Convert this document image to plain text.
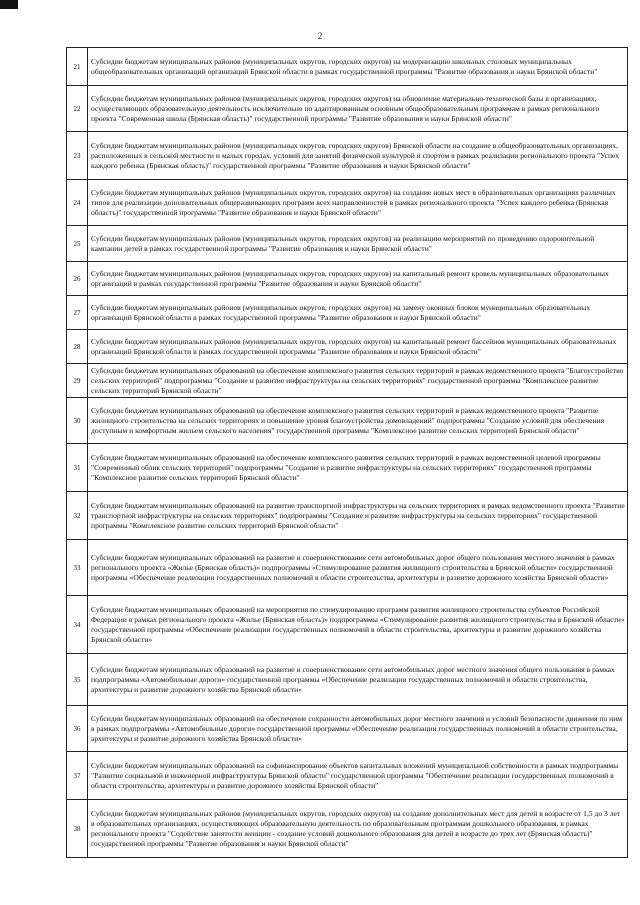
2
21	Субсидии бюджетам муниципальных районов (муниципальных округов, городских округов) на модернизацию школьных столовых муниципальных общеобразовательных организаций организаций Брянской области в рамках государственной программы "Развитие образования и науки Брянской области"

22	Субсидии бюджетам муниципальных районов (муниципальных округов, городских округов) на обновление материально-технической базы в организациях, осуществляющих образовательную деятельность исключительно по адаптированным основным общеобразовательным программам в рамках регионального проекта "Современная школа (Брянская область)" государственной программы "Развитие образования и науки Брянской области"

23	Субсидии бюджетам муниципальных районов (муниципальных округов, городских округов) Брянской области на создание в общеобразовательных организациях, расположенных в сельской местности и малых городах, условий для занятий физической культурой и спортом в рамках реализации регионального проекта "Успех каждого ребенка (Брянская область)" государственной программы "Развитие образования и науки Брянской области"

24	Субсидии бюджетам муниципальных районов (муниципальных округов, городских округов) на создание новых мест в образовательных организациях различных типов для реализации дополнительных общеразвивающих программ всех направленностей в рамках регионального проекта "Успех каждого ребенка (Брянская область)" государственной программы "Развитие образования и науки Брянской области"

25	Субсидии бюджетам муниципальных районов (муниципальных округов, городских округов) на реализацию мероприятий по проведению оздоровительной кампании детей в рамках государственной программы "Развитие образования и науки Брянской области"

26	Субсидии бюджетам муниципальных районов (муниципальных округов, городских округов) на капитальный ремонт кровель муниципальных образовательных организаций в рамках государственной программы "Развитие образования и науки Брянской области"

27	Субсидии бюджетам муниципальных районов (муниципальных округов, городских округов) на замену оконных блоков муниципальных образовательных организаций Брянской области в рамках государственной программы "Развитие образования и науки Брянской области"

28	Субсидии бюджетам муниципальных районов (муниципальных округов, городских округов) на капитальный ремонт бассейнов муниципальных образовательных организаций Брянской области в рамках государственной программы "Развитие образования и науки Брянской области"

29	Субсидии бюджетам муниципальных образований на обеспечение комплексного развития сельских территорий в рамках ведомственного проекта "Благоустройство сельских территорий" подпрограммы "Создание и развитие инфраструктуры на сельских территориях" государственной программы "Комплексное развитие сельских территорий Брянской области"

30	Субсидии бюджетам муниципальных образований на обеспечение комплексного развития сельских территорий в рамках ведомственного проекта "Развитие жилищного строительства на сельских территориях и повышение уровня благоустройства домовладений" подпрограммы "Создание условий для обеспечения доступным и комфортным жильем сельского населения" государственной программы "Комплексное развитие сельских территорий Брянской области"

31	Субсидии бюджетам муниципальных образований на обеспечение комплексного развития сельских территорий в рамках ведомственной целевой программы "Современный облик сельских территорий" подпрограммы "Создание и развитие инфраструктуры на сельских территориях" государственной программы "Комплексное развитие сельских территорий Брянской области"

32	Субсидии бюджетам муниципальных образований на развитие транспортной инфраструктуры на сельских территориях в рамках ведомственного проекта "Развитие транспортной инфраструктуры на сельских территориях" подпрограммы "Создание и развитие инфраструктуры на сельских территориях" государственной программы "Комплексное развитие сельских территорий Брянской области"

33	Субсидии бюджетам муниципальных образований на развитие и совершенствование сети автомобильных дорог общего пользования местного значения в рамках регионального проекта «Жилье (Брянская область)» подпрограммы «Стимулирование развития жилищного строительства в Брянской области» государственной программы «Обеспечение реализации государственных полномочий в области строительства, архитектуры и развитие дорожного хозяйства Брянской области»

34	Субсидии бюджетам муниципальных образований на мероприятия по стимулированию программ развития жилищного строительства субъектов Российской Федерации в рамках регионального проекта «Жилье (Брянская область)» подпрограммы «Стимулирование развития жилищного строительства в Брянской области» государственной программы «Обеспечение реализации государственных полномочий в области строительства, архитектуры и развитие дорожного хозяйства Брянской области»

35	Субсидии бюджетам муниципальных образований на развитие и совершенствование сети автомобильных дорог местного значения общего пользования в рамках подпрограммы «Автомобильные дороги» государственной программы «Обеспечение реализации государственных полномочий в области строительства, архитектуры и развитие дорожного хозяйства Брянской области»

36	Субсидии бюджетам муниципальных образований на обеспечение сохранности автомобильных дорог местного значения и условий безопасности движения по ним в рамках подпрограммы «Автомобильные дороги» государственной программы «Обеспечение реализации государственных полномочий в области строительства, архитектуры и развитие дорожного хозяйства Брянской области»

37	Субсидии бюджетам муниципальных образований на софинансирование объектов капитальных вложений муниципальной собственности в рамках подпрограммы "Развитие социальной и инженерной инфраструктуры Брянской области" государственной программы "Обеспечение реализации государственных полномочий в области строительства, архитектуры и развитие дорожного хозяйства Брянской области"

38	Субсидии бюджетам муниципальных районов (муниципальных округов, городских округов) на создание дополнительных мест для детей в возрасте от 1,5 до 3 лет в образовательных организациях, осуществляющих образовательную деятельность по образовательным программам дошкольного образования, в рамках регионального проекта "Содействие занятости женщин - создание условий дошкольного образования для детей в возрасте до трех лет (Брянская область)" государственной программы "Развитие образования и науки Брянской области"
